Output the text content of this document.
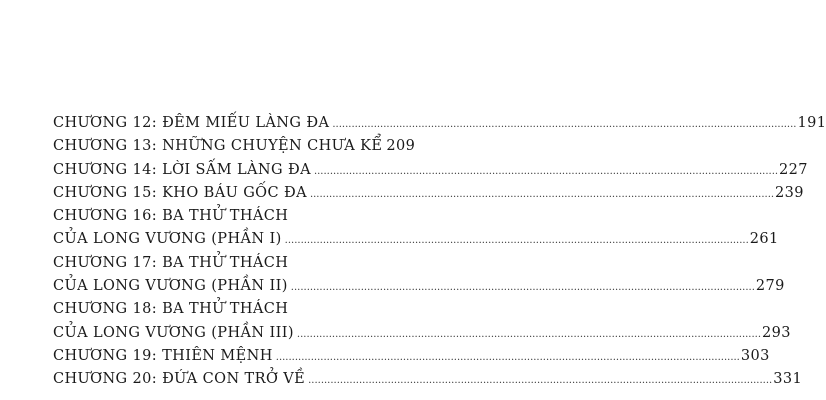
CHƯƠNG 12: ĐÊM MIẾU LÀNG ĐA .....	191
CHƯƠNG 13: NHỮNG CHUYỆN CHƯA KỂ 209
CHƯƠNG 14: LỜI SẤM LÀNG ĐA .....	227
CHƯƠNG 15: KHO BÁU GỐC ĐA .....	239
CHƯƠNG 16: BA THỬ THÁCH
CỦA LONG VƯƠNG (PHẦN I) .....	261
CHƯƠNG 17: BA THỬ THÁCH
CỦA LONG VƯƠNG (PHẦN II) .....	279
CHƯƠNG 18: BA THỬ THÁCH
CỦA LONG VƯƠNG (PHẦN III) .....	293
CHƯƠNG 19: THIÊN MỆNH .....	303
CHƯƠNG 20: ĐỨA CON TRỞ VỀ .....	331
